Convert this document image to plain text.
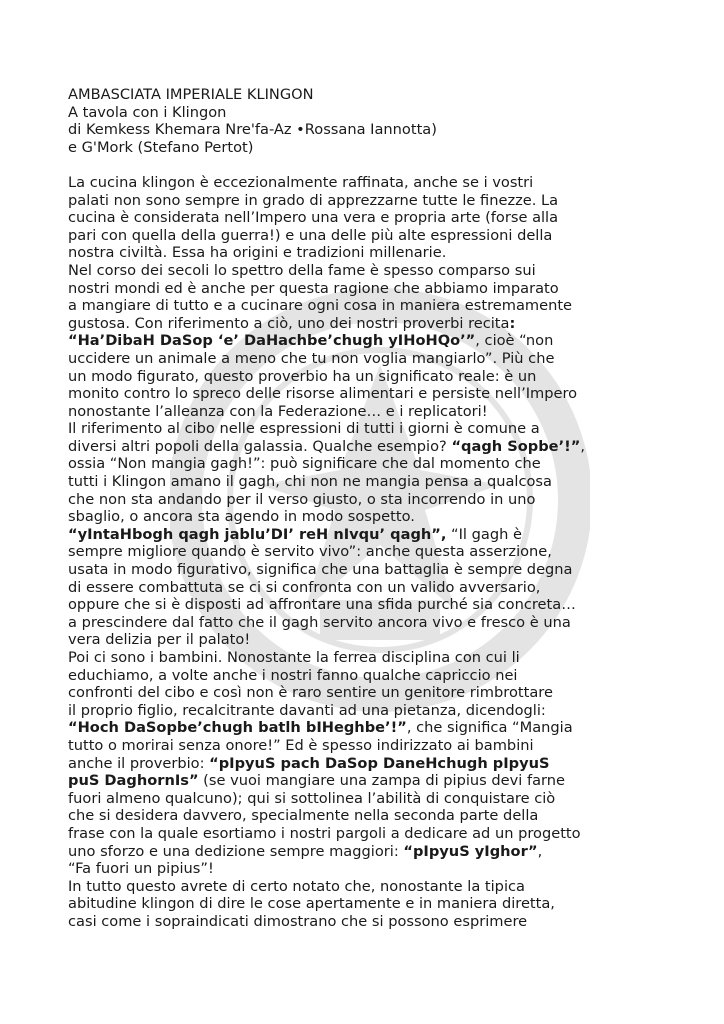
AMBASCIATA IMPERIALE KLINGON
A tavola con i Klingon
di Kemkess Khemara Nre'fa-Az •Rossana Iannotta)
e G'Mork (Stefano Pertot)
La cucina klingon è eccezionalmente raffinata, anche se i vostri
palati non sono sempre in grado di apprezzarne tutte le finezze. La
cucina è considerata nell’Impero una vera e propria arte (forse alla
pari con quella della guerra!) e una delle più alte espressioni della
nostra civiltà. Essa ha origini e tradizioni millenarie.
Nel corso dei secoli lo spettro della fame è spesso comparso sui
nostri mondi ed è anche per questa ragione che abbiamo imparato
a mangiare di tutto e a cucinare ogni cosa in maniera estremamente
gustosa. Con riferimento a ciò, uno dei nostri proverbi recita:
“Ha’DibaH DaSop ‘e’ DaHachbe’chugh yIHoHQo’”, cioè “non
uccidere un animale a meno che tu non voglia mangiarlo”. Più che
un modo figurato, questo proverbio ha un significato reale: è un
monito contro lo spreco delle risorse alimentari e persiste nell’Impero
nonostante l’alleanza con la Federazione… e i replicatori!
Il riferimento al cibo nelle espressioni di tutti i giorni è comune a
diversi altri popoli della galassia. Qualche esempio? “qagh Sopbe’!”,
ossia “Non mangia gagh!”: può significare che dal momento che
tutti i Klingon amano il gagh, chi non ne mangia pensa a qualcosa
che non sta andando per il verso giusto, o sta incorrendo in uno
sbaglio, o ancora sta agendo in modo sospetto.
“yIntaHbogh qagh jablu’DI’ reH nIvqu’ qagh”, “Il gagh è
sempre migliore quando è servito vivo”: anche questa asserzione,
usata in modo figurativo, significa che una battaglia è sempre degna
di essere combattuta se ci si confronta con un valido avversario,
oppure che si è disposti ad affrontare una sfida purché sia concreta…
a prescindere dal fatto che il gagh servito ancora vivo e fresco è una
vera delizia per il palato!
Poi ci sono i bambini. Nonostante la ferrea disciplina con cui li
educhiamo, a volte anche i nostri fanno qualche capriccio nei
confronti del cibo e così non è raro sentire un genitore rimbrottare
il proprio figlio, recalcitrante davanti ad una pietanza, dicendogli:
“Hoch DaSopbe’chugh batlh bIHeghbe’!”, che significa “Mangia
tutto o morirai senza onore!” Ed è spesso indirizzato ai bambini
anche il proverbio: “pIpyuS pach DaSop DaneHchugh pIpyuS
puS DaghornIs” (se vuoi mangiare una zampa di pipius devi farne
fuori almeno qualcuno); qui si sottolinea l’abilità di conquistare ciò
che si desidera davvero, specialmente nella seconda parte della
frase con la quale esortiamo i nostri pargoli a dedicare ad un progetto
uno sforzo e una dedizione sempre maggiori: “pIpyuS yIghor”,
“Fa fuori un pipius”!
In tutto questo avrete di certo notato che, nonostante la tipica
abitudine klingon di dire le cose apertamente e in maniera diretta,
casi come i sopraindicati dimostrano che si possono esprimere
